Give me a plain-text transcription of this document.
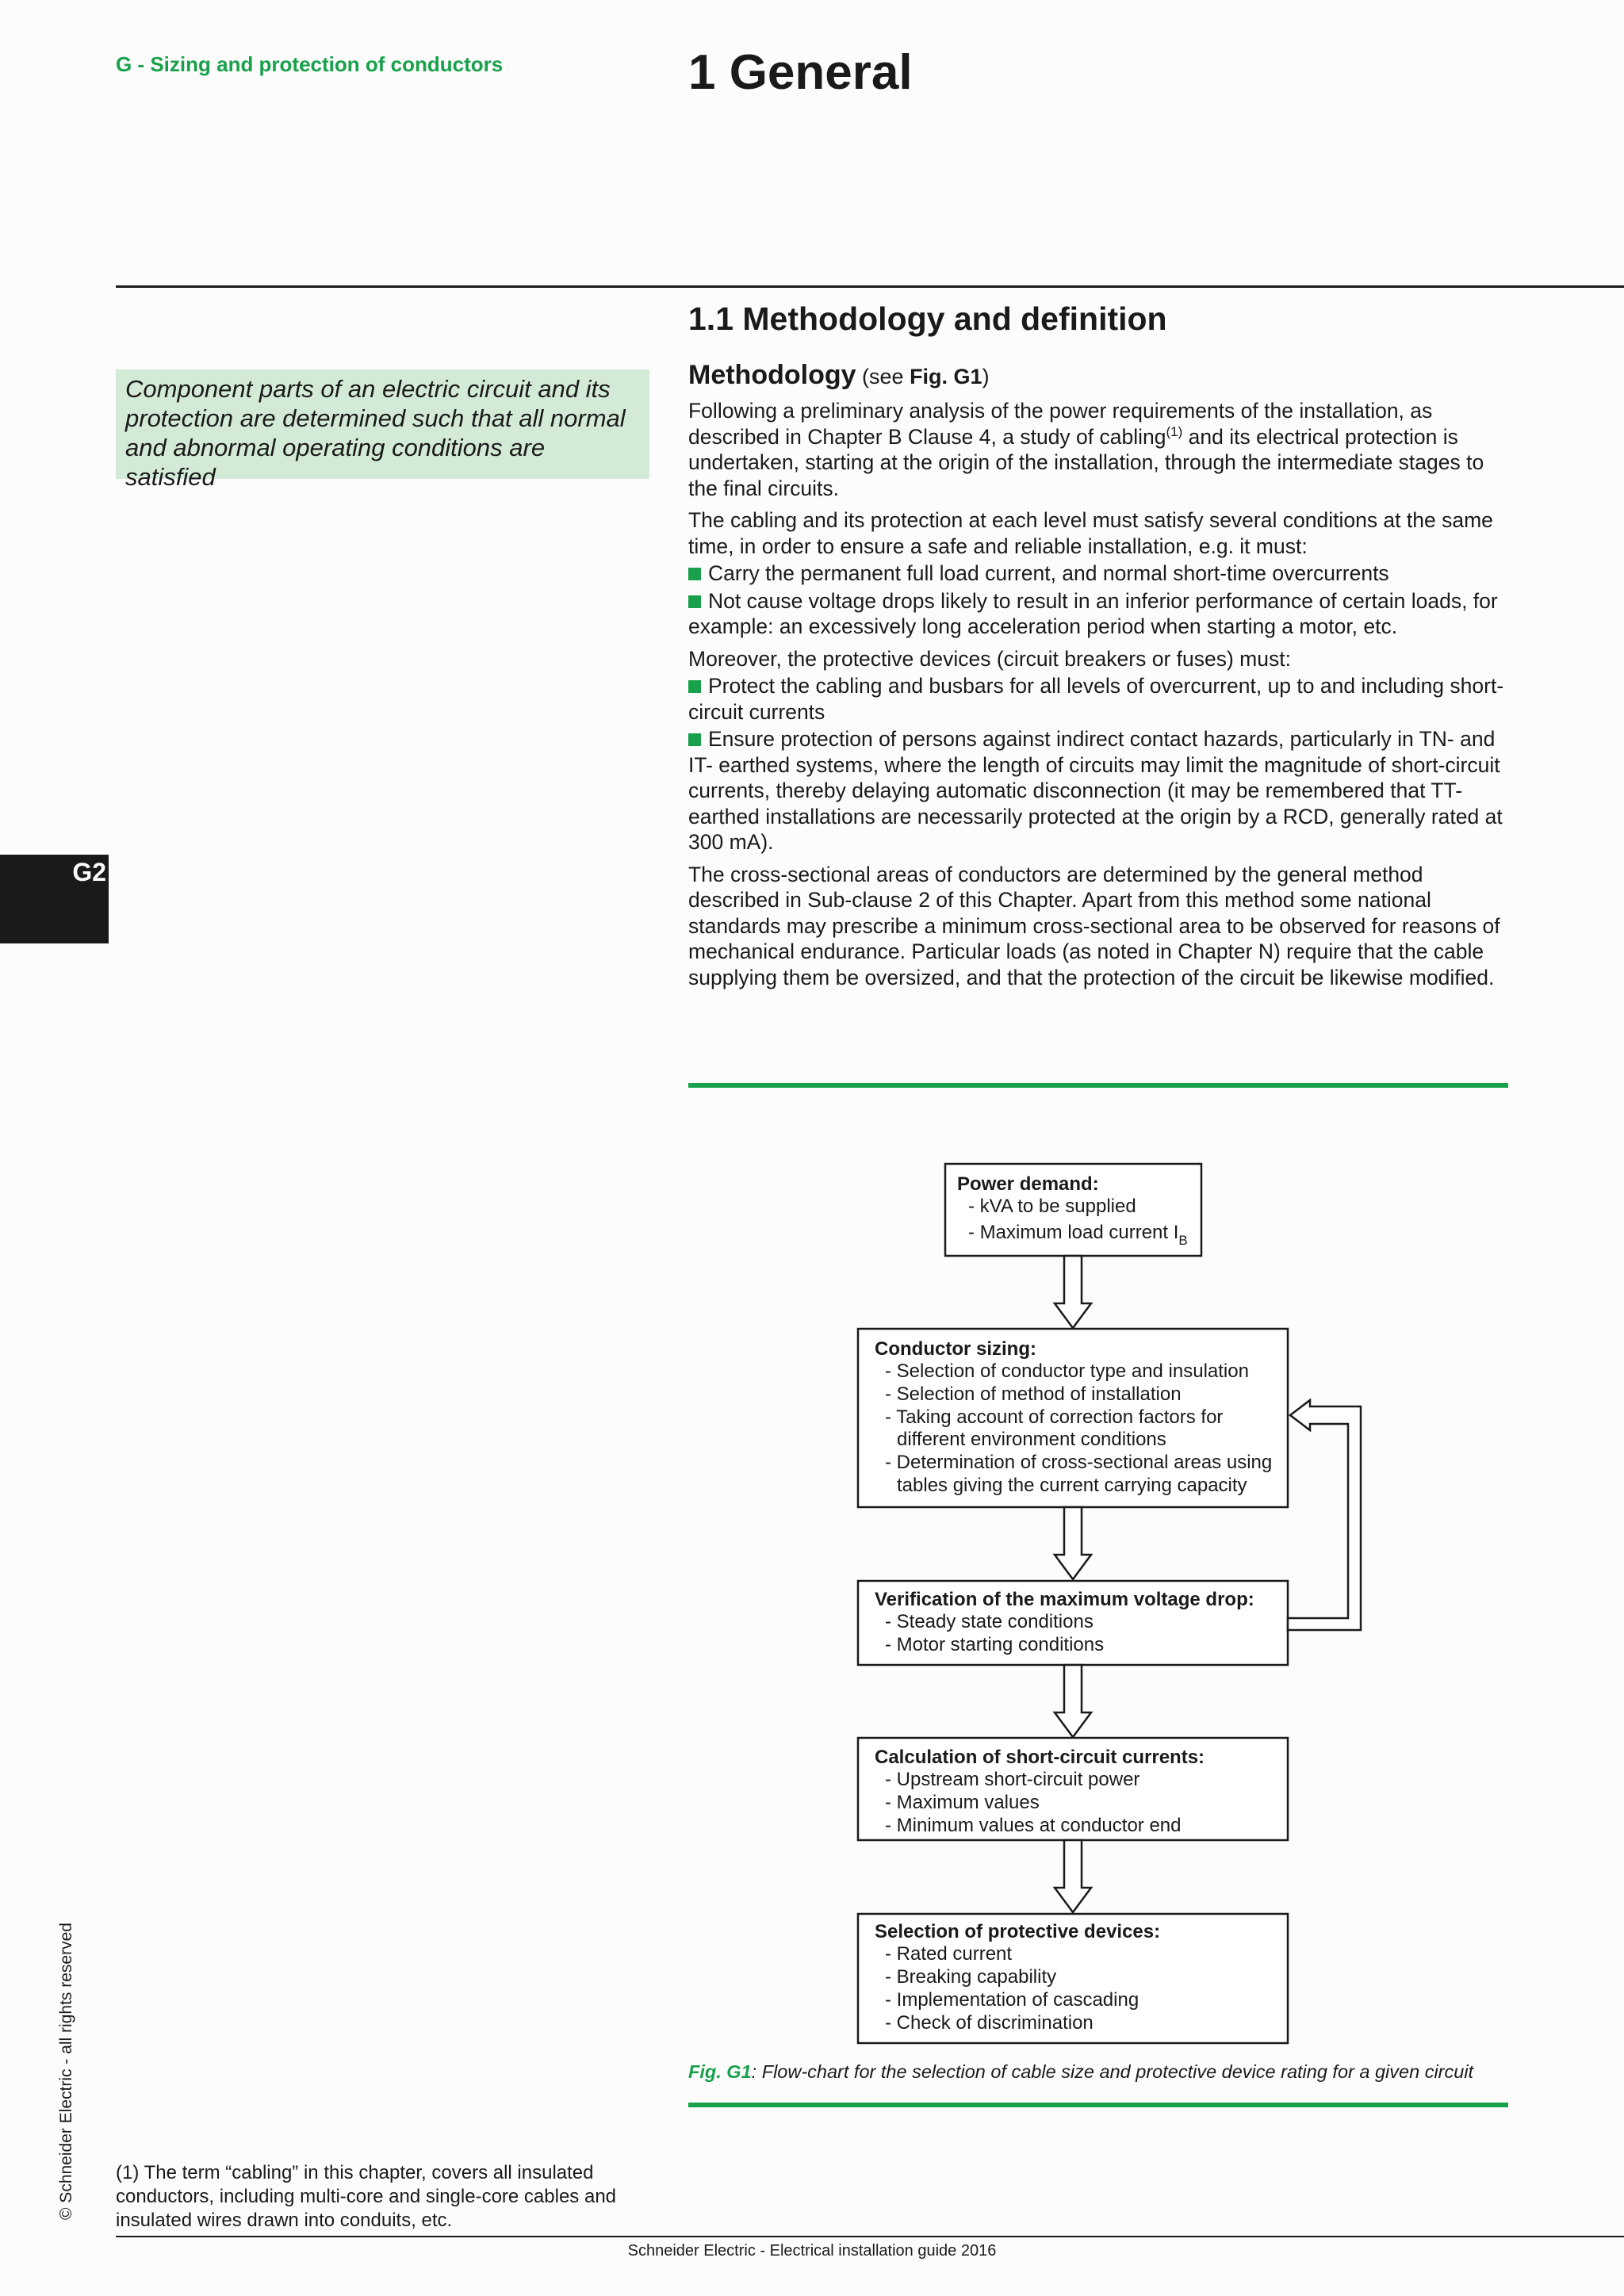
G - Sizing and protection of conductors	1 General
1.1 Methodology and definition
Component parts of an electric circuit and its protection are determined such that all normal and abnormal operating conditions are satisfied
Methodology (see Fig. G1)

Following a preliminary analysis of the power requirements of the installation, as described in Chapter B Clause 4, a study of cabling$^{(1)}$ and its electrical protection is undertaken, starting at the origin of the installation, through the intermediate stages to the final circuits.

The cabling and its protection at each level must satisfy several conditions at the same time, in order to ensure a safe and reliable installation, e.g. it must:

Carry the permanent full load current, and normal short-time overcurrents

Not cause voltage drops likely to result in an inferior performance of certain loads, for example: an excessively long acceleration period when starting a motor, etc.

Moreover, the protective devices (circuit breakers or fuses) must:

Protect the cabling and busbars for all levels of overcurrent, up to and including short-circuit currents

Ensure protection of persons against indirect contact hazards, particularly in TN- and IT- earthed systems, where the length of circuits may limit the magnitude of short-circuit currents, thereby delaying automatic disconnection (it may be remembered that TT- earthed installations are necessarily protected at the origin by a RCD, generally rated at 300 mA).

The cross-sectional areas of conductors are determined by the general method described in Sub-clause 2 of this Chapter. Apart from this method some national standards may prescribe a minimum cross-sectional area to be observed for reasons of mechanical endurance. Particular loads (as noted in Chapter N) require that the cable supplying them be oversized, and that the protection of the circuit be likewise modified.

G2
Power demand:
- kVA to be supplied
- Maximum load current $I_B$
Conductor sizing:
- Selection of conductor type and insulation
- Selection of method of installation
- Taking account of correction factors for
different environment conditions
- Determination of cross-sectional areas using
tables giving the current carrying capacity
Verification of the maximum voltage drop:
- Steady state conditions
- Motor starting conditions
Calculation of short-circuit currents:
- Upstream short-circuit power
- Maximum values
- Minimum values at conductor end
Selection of protective devices:
- Rated current
- Breaking capability
- Implementation of cascading
- Check of discrimination
Fig. G1: Flow-chart for the selection of cable size and protective device rating for a given circuit
© Schneider Electric - all rights reserved (1) The term “cabling” in this chapter, covers all insulated conductors, including multi-core and single-core cables and insulated wires drawn into conduits, etc.
Schneider Electric - Electrical installation guide 2016
